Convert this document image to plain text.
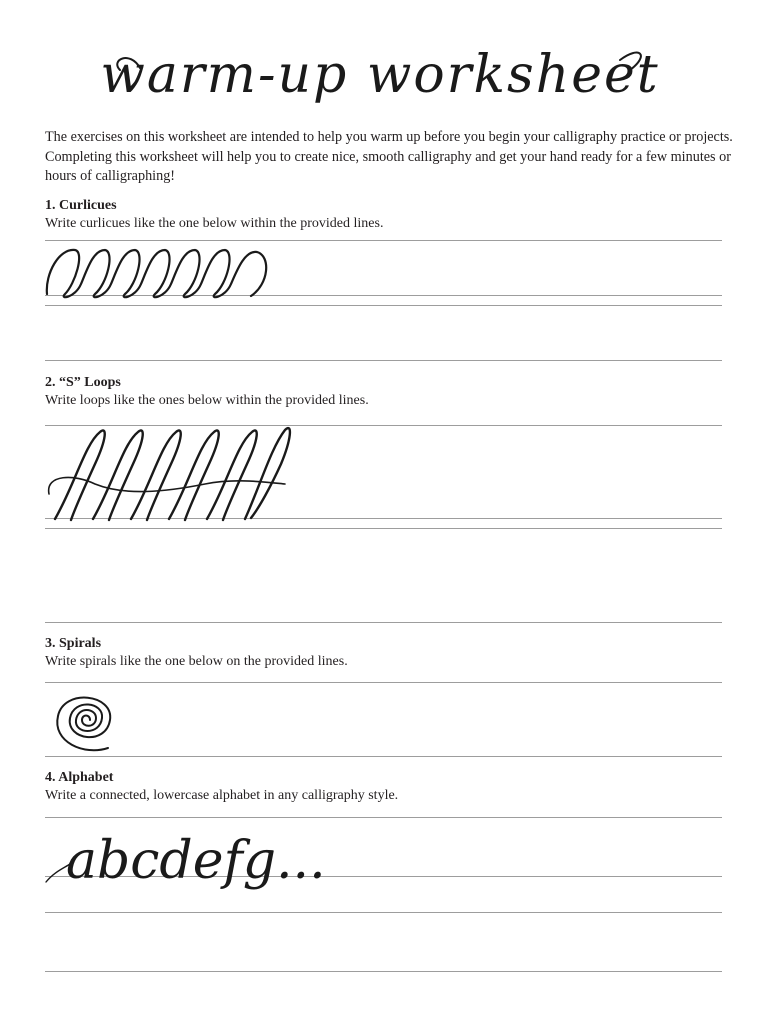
warm-up worksheet
The exercises on this worksheet are intended to help you warm up before you begin your calligraphy practice or projects. Completing this worksheet will help you to create nice, smooth calligraphy and get your hand ready for a few minutes or hours of calligraphing!
1. Curlicues
Write curlicues like the one below within the provided lines.
2. “S” Loops
Write loops like the ones below within the provided lines.
3. Spirals
Write spirals like the one below on the provided lines.
4. Alphabet
Write a connected, lowercase alphabet in any calligraphy style.
abcdefg...
